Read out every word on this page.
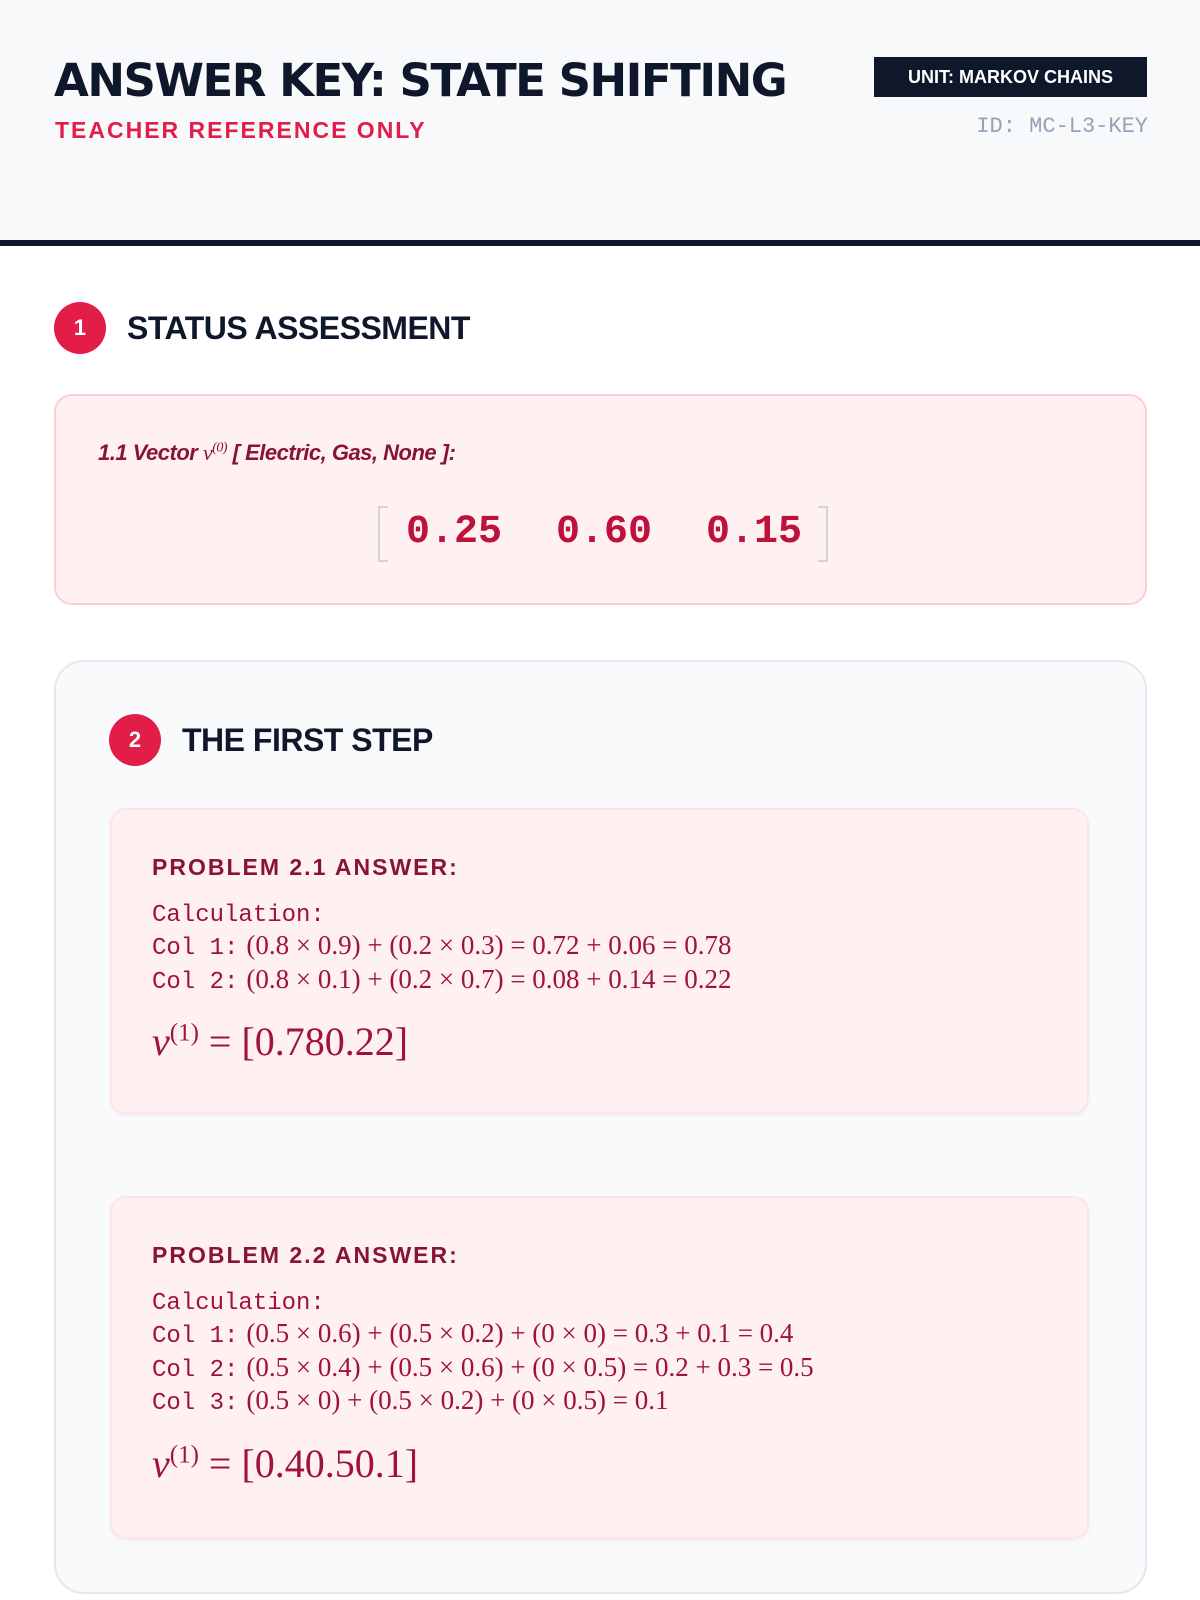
ANSWER KEY: STATE SHIFTING
TEACHER REFERENCE ONLY
UNIT: MARKOV CHAINS
ID: MC-L3-KEY
1	STATUS ASSESSMENT
1.1 Vector $v^{(0)}$ [ Electric, Gas, None ]:
0.25	0.60	0.15
2	THE FIRST STEP
PROBLEM 2.1 ANSWER:
Calculation:
Col 1: (0.8 × 0.9) + (0.2 × 0.3) = 0.72 + 0.06 = 0.78
Col 2: (0.8 × 0.1) + (0.2 × 0.7) = 0.08 + 0.14 = 0.22
$v^{(1)} = [0.780.22]$
PROBLEM 2.2 ANSWER:
Calculation:
Col 1: (0.5 × 0.6) + (0.5 × 0.2) + (0 × 0) = 0.3 + 0.1 = 0.4
Col 2: (0.5 × 0.4) + (0.5 × 0.6) + (0 × 0.5) = 0.2 + 0.3 = 0.5
Col 3: (0.5 × 0) + (0.5 × 0.2) + (0 × 0.5) = 0.1
$v^{(1)} = [0.40.50.1]$
